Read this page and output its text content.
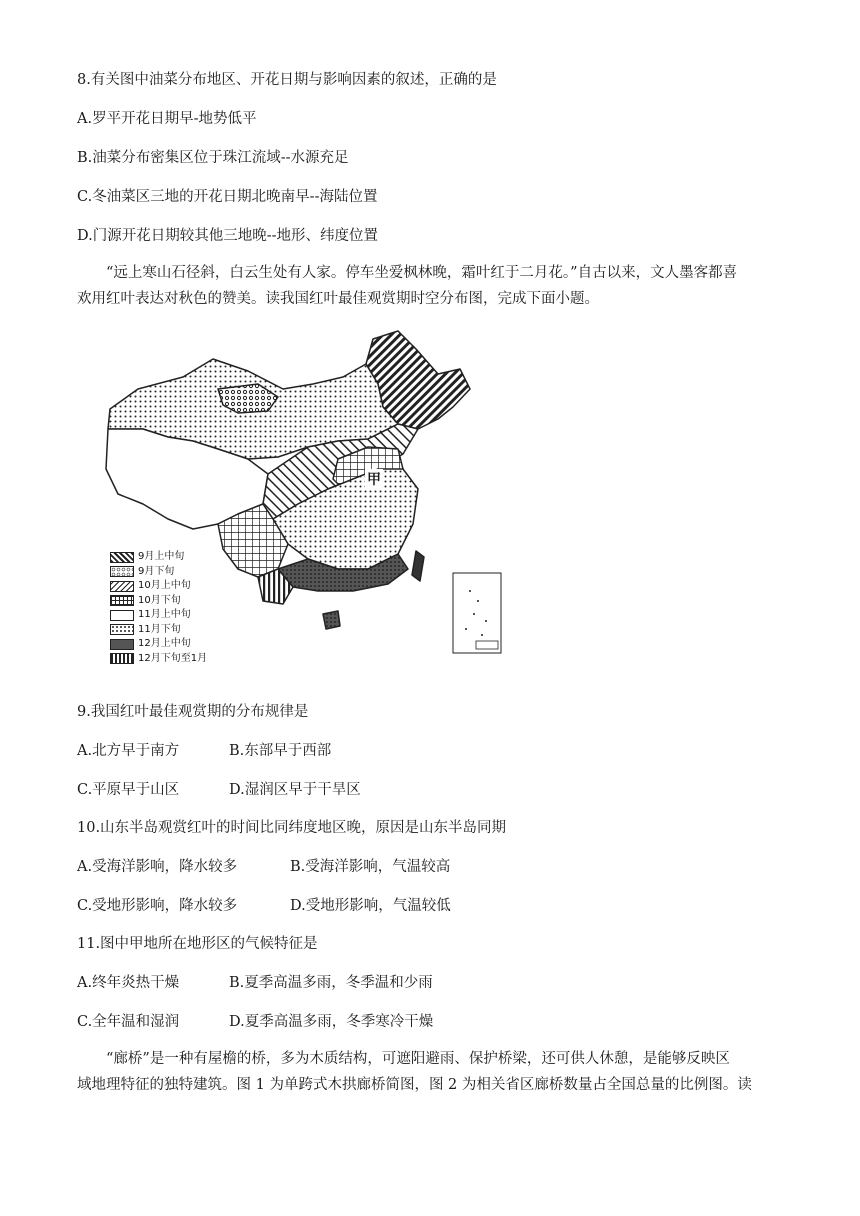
8.有关图中油菜分布地区、开花日期与影响因素的叙述，正确的是
A.罗平开花日期早-地势低平
B.油菜分布密集区位于珠江流域--水源充足
C.冬油菜区三地的开花日期北晚南早--海陆位置
D.门源开花日期较其他三地晚--地形、纬度位置
“远上寒山石径斜，白云生处有人家。停车坐爱枫林晚，霜叶红于二月花。”自古以来，文人墨客都喜
欢用红叶表达对秋色的赞美。读我国红叶最佳观赏期时空分布图，完成下面小题。
甲
9月上中旬
9月下旬
10月上中旬
10月下旬
11月上中旬
11月下旬
12月上中旬
12月下旬至1月
9.我国红叶最佳观赏期的分布规律是
A.北方早于南方	B.东部早于西部
C.平原早于山区	D.湿润区早于干旱区
10.山东半岛观赏红叶的时间比同纬度地区晚，原因是山东半岛同期
A.受海洋影响，降水较多	B.受海洋影响，气温较高
C.受地形影响，降水较多	D.受地形影响，气温较低
11.图中甲地所在地形区的气候特征是
A.终年炎热干燥	B.夏季高温多雨，冬季温和少雨
C.全年温和湿润	D.夏季高温多雨，冬季寒冷干燥
“廊桥”是一种有屋檐的桥，多为木质结构，可遮阳避雨、保护桥梁，还可供人休憩，是能够反映区
域地理特征的独特建筑。图 1 为单跨式木拱廊桥简图，图 2 为相关省区廊桥数量占全国总量的比例图。读
